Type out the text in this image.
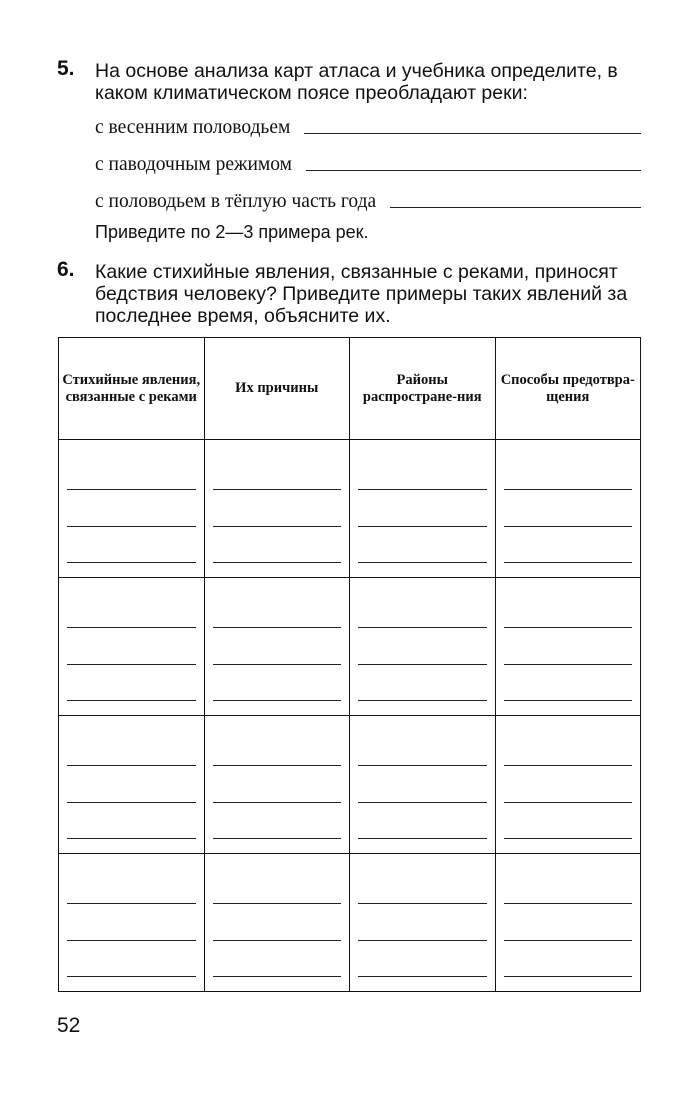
5. На основе анализа карт атласа и учебника определите, в каком климатическом поясе преобладают реки:
с весенним половодьем
с паводочным режимом
с половодьем в тёплую часть года
Приведите по 2—3 примера рек.
6. Какие стихийные явления, связанные с реками, приносят бедствия человеку? Приведите примеры таких явлений за последнее время, объясните их.
Стихийные явления, связанные с реками	Их причины	Районы распростране-ния	Способы предотвра-щения

52
